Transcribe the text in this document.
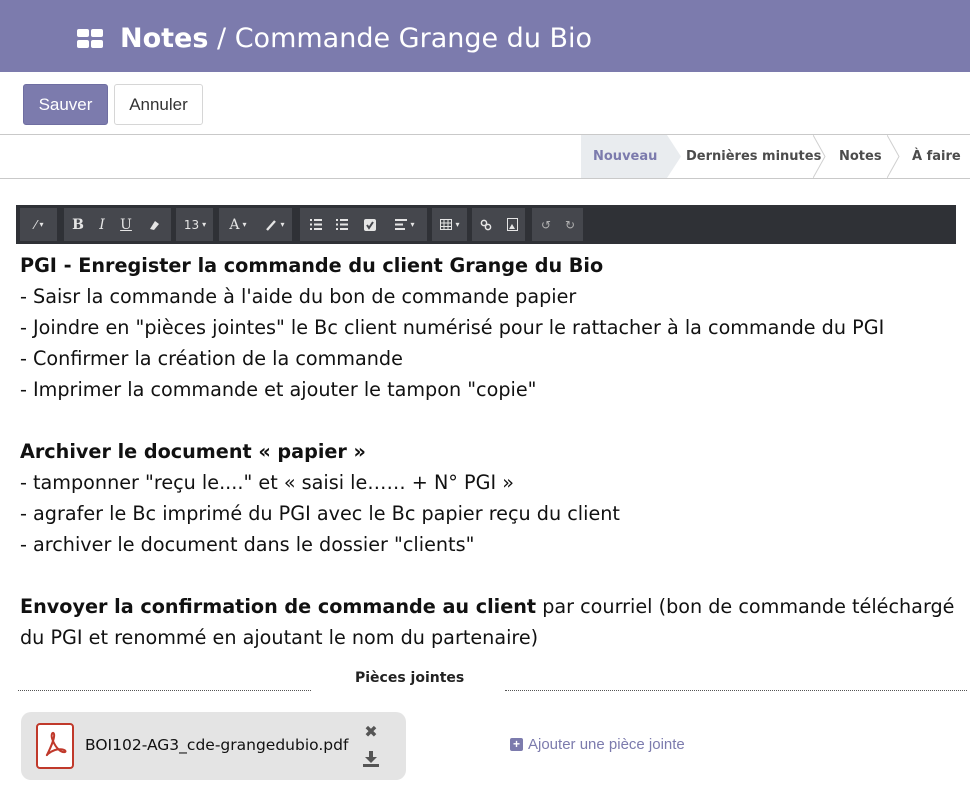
Notes / Commande Grange du Bio
Sauver	Annuler
Nouveau	Dernières minutes Notes À faire
⁄ ▾	B	I	U	13 ▾ A ▾	▾	▾	▾	↺	↻

PGI - Enregister la commande du client Grange du Bio

- Saisr la commande à l'aide du bon de commande papier

- Joindre en "pièces jointes" le Bc client numérisé pour le rattacher à la commande du PGI

- Confirmer la création de la commande

- Imprimer la commande et ajouter le tampon "copie"

Archiver le document « papier »

- tamponner "reçu le...." et « saisi le…… + N° PGI »

- agrafer le Bc imprimé du PGI avec le Bc papier reçu du client

- archiver le document dans le dossier "clients"

Envoyer la confirmation de commande au client par courriel (bon de commande téléchargé du PGI et renommé en ajoutant le nom du partenaire)

Pièces jointes
BOI102-AG3_cde-grangedubio.pdf
✖
+ Ajouter une pièce jointe
